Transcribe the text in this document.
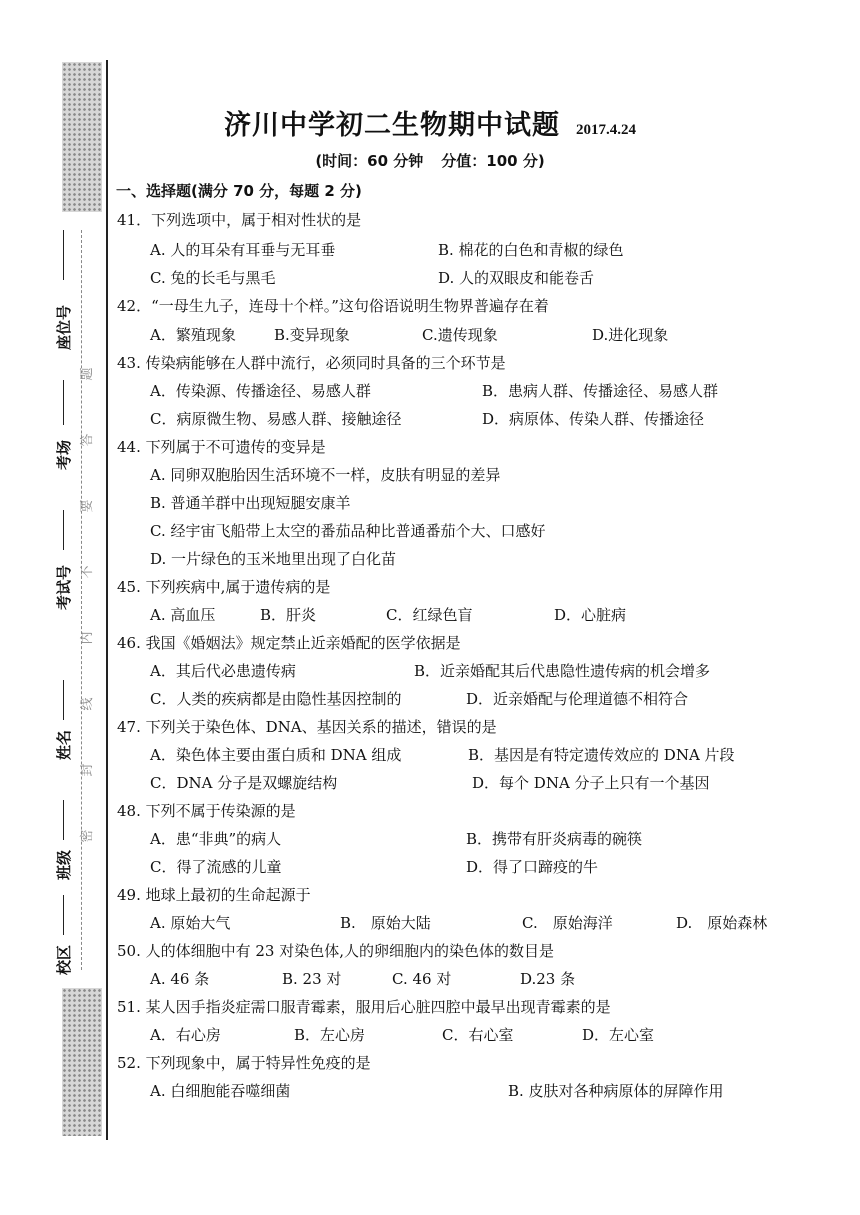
校区
班级
姓名
考试号
考场
座位号
密
封
线
内
不
要
答
题
济川中学初二生物期中试题 2017.4.24
(时间：60 分钟 分值：100 分)
一、选择题(满分 70 分，每题 2 分)
41．下列选项中，属于相对性状的是
A. 人的耳朵有耳垂与无耳垂	B. 棉花的白色和青椒的绿色
C. 兔的长毛与黑毛	D. 人的双眼皮和能卷舌
42．“一母生九子，连母十个样。”这句俗语说明生物界普遍存在着
A．繁殖现象	B.变异现象	C.遗传现象	D.进化现象
43. 传染病能够在人群中流行，必须同时具备的三个环节是
A．传染源、传播途径、易感人群	B．患病人群、传播途径、易感人群
C．病原微生物、易感人群、接触途径	D．病原体、传染人群、传播途径
44. 下列属于不可遗传的变异是
A. 同卵双胞胎因生活环境不一样，皮肤有明显的差异
B. 普通羊群中出现短腿安康羊
C. 经宇宙飞船带上太空的番茄品种比普通番茄个大、口感好
D. 一片绿色的玉米地里出现了白化苗
45. 下列疾病中,属于遗传病的是
A. 高血压	B．肝炎	C．红绿色盲	D．心脏病
46. 我国《婚姻法》规定禁止近亲婚配的医学依据是
A．其后代必患遗传病	B．近亲婚配其后代患隐性遗传病的机会增多
C．人类的疾病都是由隐性基因控制的	D．近亲婚配与伦理道德不相符合
47. 下列关于染色体、DNA、基因关系的描述，错误的是
A．染色体主要由蛋白质和 DNA 组成	B．基因是有特定遗传效应的 DNA 片段
C．DNA 分子是双螺旋结构	D．每个 DNA 分子上只有一个基因
48. 下列不属于传染源的是
A．患“非典”的病人	B．携带有肝炎病毒的碗筷
C．得了流感的儿童	D．得了口蹄疫的牛
49. 地球上最初的生命起源于
A. 原始大气	B.　原始大陆	C.　原始海洋	D.　原始森林
50. 人的体细胞中有 23 对染色体,人的卵细胞内的染色体的数目是
A. 46 条	B. 23 对	C. 46 对	D.23 条
51. 某人因手指炎症需口服青霉素，服用后心脏四腔中最早出现青霉素的是
A．右心房	B．左心房	C．右心室	D．左心室
52. 下列现象中，属于特异性免疫的是
A. 白细胞能吞噬细菌	B. 皮肤对各种病原体的屏障作用
